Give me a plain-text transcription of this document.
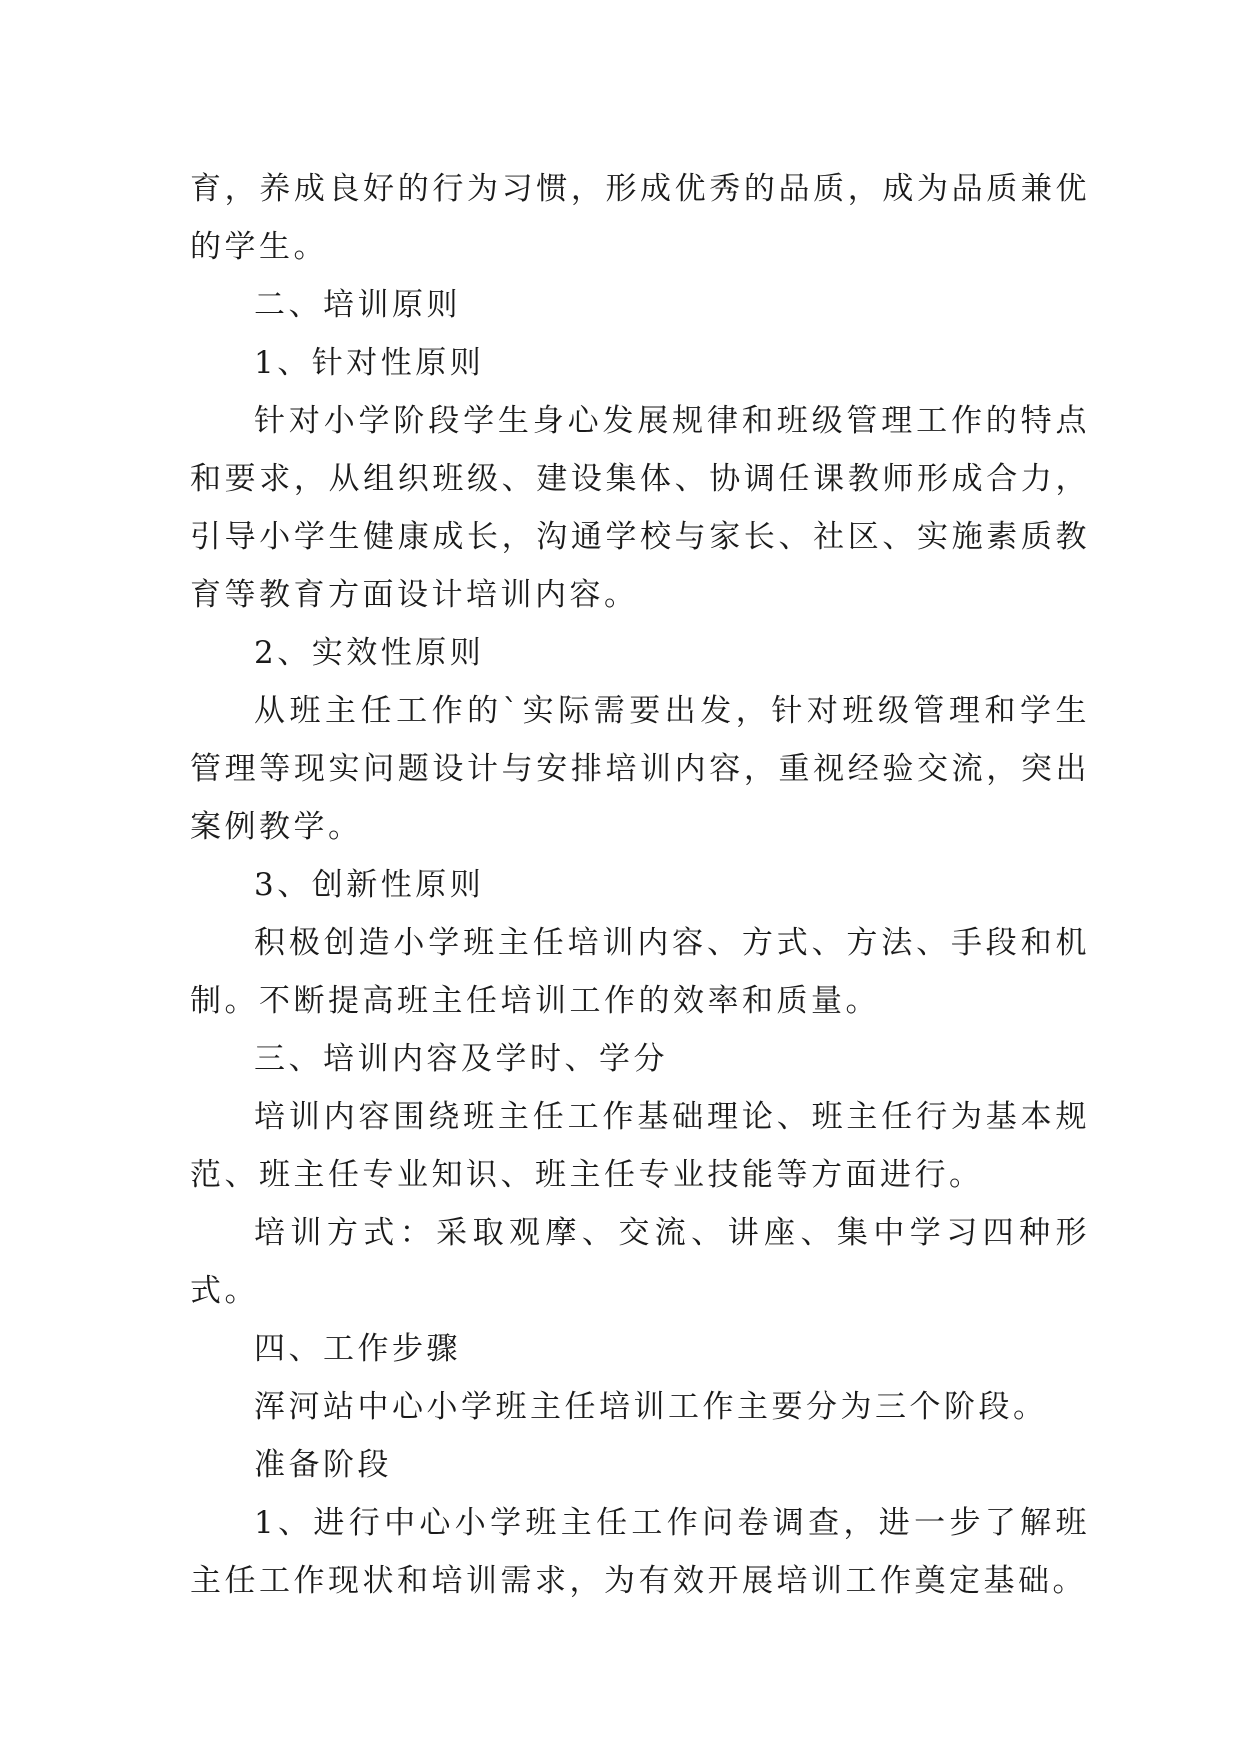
育，养成良好的行为习惯，形成优秀的品质，成为品质兼优的学生。

二、培训原则

1、针对性原则

针对小学阶段学生身心发展规律和班级管理工作的特点和要求，从组织班级、建设集体、协调任课教师形成合力，引导小学生健康成长，沟通学校与家长、社区、实施素质教育等教育方面设计培训内容。

2、实效性原则

从班主任工作的`实际需要出发，针对班级管理和学生管理等现实问题设计与安排培训内容，重视经验交流，突出案例教学。

3、创新性原则

积极创造小学班主任培训内容、方式、方法、手段和机制。不断提高班主任培训工作的效率和质量。

三、培训内容及学时、学分

培训内容围绕班主任工作基础理论、班主任行为基本规范、班主任专业知识、班主任专业技能等方面进行。

培训方式：采取观摩、交流、讲座、集中学习四种形式。

四、工作步骤

浑河站中心小学班主任培训工作主要分为三个阶段。

准备阶段

1、进行中心小学班主任工作问卷调查，进一步了解班主任工作现状和培训需求，为有效开展培训工作奠定基础。
